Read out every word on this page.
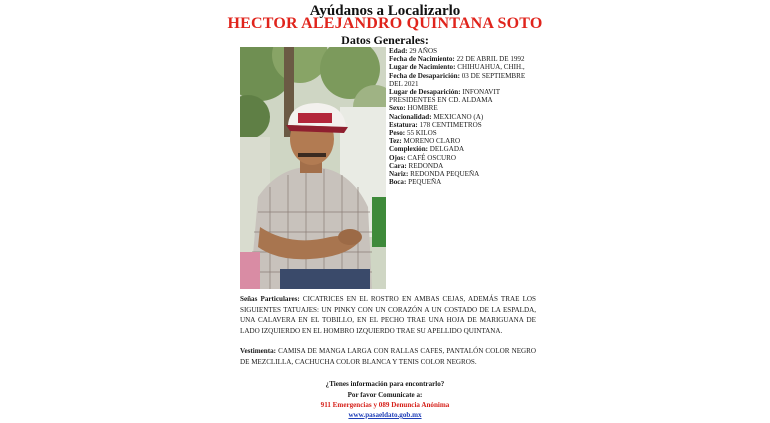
Ayúdanos a Localizarlo
HECTOR ALEJANDRO QUINTANA SOTO
Datos Generales:

Edad: 29 AÑOS

Fecha de Nacimiento: 22 DE ABRIL DE 1992

Lugar de Nacimiento: CHIHUAHUA, CHIH.,

Fecha de Desaparición: 03 DE SEPTIEMBRE DEL 2021

Lugar de Desaparición: INFONAVIT PRESIDENTES EN CD. ALDAMA

Sexo: HOMBRE

Nacionalidad: MEXICANO (A)

Estatura: 178 CENTIMETROS

Peso: 55 KILOS

Tez: MORENO CLARO

Complexión: DELGADA

Ojos: CAFÉ OSCURO

Cara: REDONDA

Nariz: REDONDA PEQUEÑA

Boca: PEQUEÑA

Señas Particulares: CICATRICES EN EL ROSTRO EN AMBAS CEJAS, ADEMÁS TRAE LOS SIGUIENTES TATUAJES: UN PINKY CON UN CORAZÓN A UN COSTADO DE LA ESPALDA, UNA CALAVERA EN EL TOBILLO, EN EL PECHO TRAE UNA HOJA DE MARIGUANA DE LADO IZQUIERDO EN EL HOMBRO IZQUIERDO TRAE SU APELLIDO QUINTANA.
Vestimenta: CAMISA DE MANGA LARGA CON RALLAS CAFES, PANTALÓN COLOR NEGRO DE MEZCLILLA, CACHUCHA COLOR BLANCA Y TENIS COLOR NEGROS.
¿Tienes información para encontrarlo?
Por favor Comunicate a:
911 Emergencias y 089 Denuncia Anónima
www.pasaeldato.gob.mx
